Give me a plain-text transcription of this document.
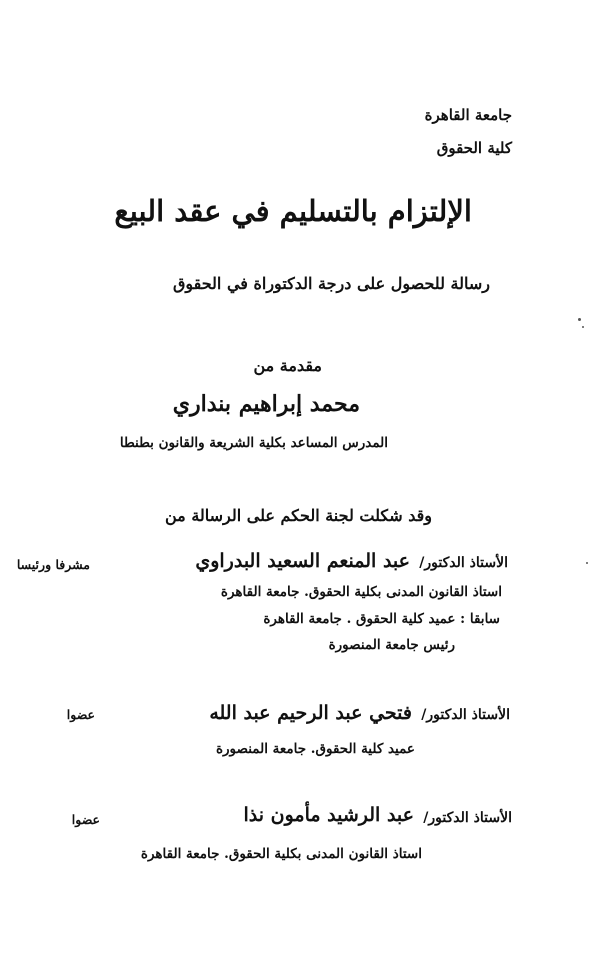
جامعة القاهرة
كلية الحقوق
الإلتزام بالتسليم في عقد البيع
رسالة للحصول على درجة الدكتوراة في الحقوق
مقدمة من
محمد إبراهيم بنداري
المدرس المساعد بكلية الشريعة والقانون بطنطا
وقد شكلت لجنة الحكم على الرسالة من
الأستاذ الدكتور/
عبد المنعم السعيد البدراوي
مشرفا ورئيسا
استاذ القانون المدنى بكلية الحقوق. جامعة القاهرة
سابقا : عميد كلية الحقوق . جامعة القاهرة
رئيس جامعة المنصورة
الأستاذ الدكتور/
فتحي عبد الرحيم عبد الله
عضوا
عميد كلية الحقوق. جامعة المنصورة
الأستاذ الدكتور/
عبد الرشيد مأمون نذا
عضوا
استاذ القانون المدنى بكلية الحقوق. جامعة القاهرة
